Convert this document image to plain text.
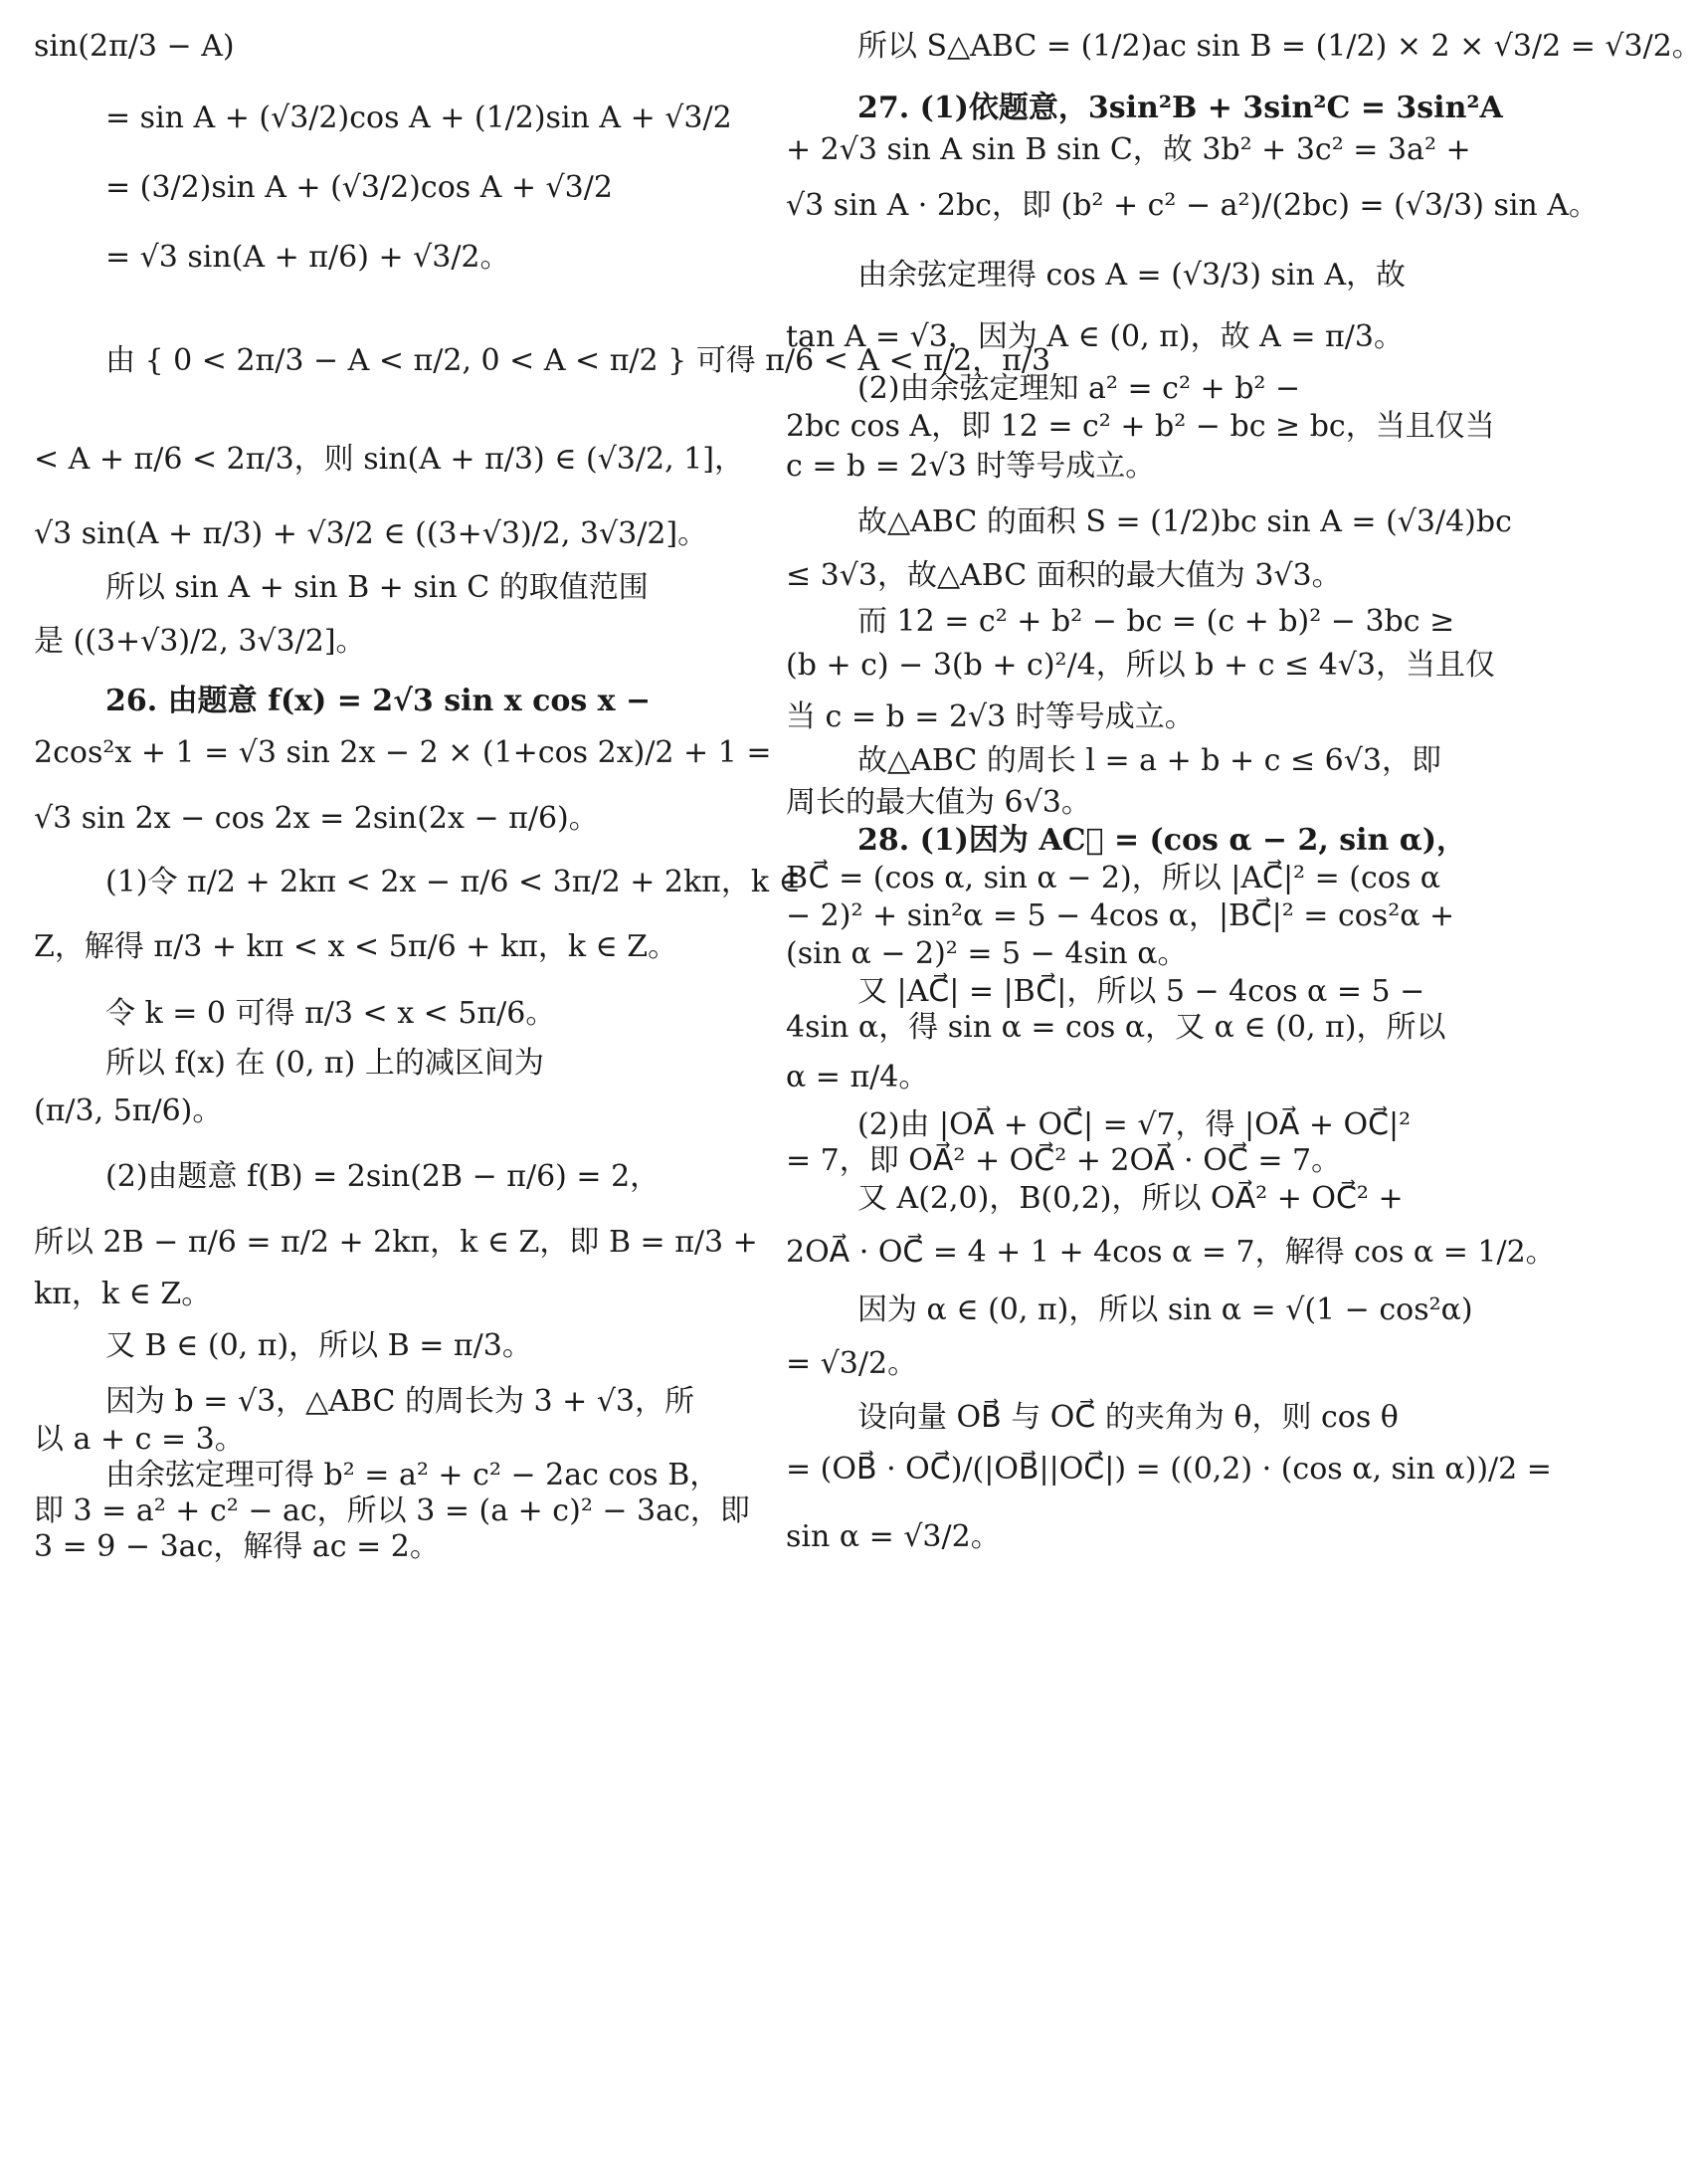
sin(2π/3 − A)
= sin A + (√3/2)cos A + (1/2)sin A + √3/2
= (3/2)sin A + (√3/2)cos A + √3/2
= √3 sin(A + π/6) + √3/2。
由 { 0 < 2π/3 − A < π/2, 0 < A < π/2 } 可得 π/6 < A < π/2，π/3
< A + π/6 < 2π/3，则 sin(A + π/3) ∈ (√3/2, 1]，
√3 sin(A + π/3) + √3/2 ∈ ((3+√3)/2, 3√3/2]。
所以 sin A + sin B + sin C 的取值范围
是 ((3+√3)/2, 3√3/2]。
26. 由题意 f(x) = 2√3 sin x cos x −
2cos²x + 1 = √3 sin 2x − 2 × (1+cos 2x)/2 + 1 =
√3 sin 2x − cos 2x = 2sin(2x − π/6)。
(1)令 π/2 + 2kπ < 2x − π/6 < 3π/2 + 2kπ，k ∈
Z，解得 π/3 + kπ < x < 5π/6 + kπ，k ∈ Z。
令 k = 0 可得 π/3 < x < 5π/6。
所以 f(x) 在 (0, π) 上的减区间为
(π/3, 5π/6)。
(2)由题意 f(B) = 2sin(2B − π/6) = 2，
所以 2B − π/6 = π/2 + 2kπ，k ∈ Z，即 B = π/3 +
kπ，k ∈ Z。
又 B ∈ (0, π)，所以 B = π/3。
因为 b = √3，△ABC 的周长为 3 + √3，所
以 a + c = 3。
由余弦定理可得 b² = a² + c² − 2ac cos B，
即 3 = a² + c² − ac，所以 3 = (a + c)² − 3ac，即
3 = 9 − 3ac，解得 ac = 2。
所以 S△ABC = (1/2)ac sin B = (1/2) × 2 × √3/2 = √3/2。
27. (1)依题意，3sin²B + 3sin²C = 3sin²A
+ 2√3 sin A sin B sin C，故 3b² + 3c² = 3a² +
√3 sin A · 2bc，即 (b² + c² − a²)/(2bc) = (√3/3) sin A。
由余弦定理得 cos A = (√3/3) sin A，故
tan A = √3，因为 A ∈ (0, π)，故 A = π/3。
(2)由余弦定理知 a² = c² + b² −
2bc cos A，即 12 = c² + b² − bc ≥ bc，当且仅当
c = b = 2√3 时等号成立。
故△ABC 的面积 S = (1/2)bc sin A = (√3/4)bc
≤ 3√3，故△ABC 面积的最大值为 3√3。
而 12 = c² + b² − bc = (c + b)² − 3bc ≥
(b + c) − 3(b + c)²/4，所以 b + c ≤ 4√3，当且仅
当 c = b = 2√3 时等号成立。
故△ABC 的周长 l = a + b + c ≤ 6√3，即
周长的最大值为 6√3。
28. (1)因为 AC⃗ = (cos α − 2, sin α)，
BC⃗ = (cos α, sin α − 2)，所以 |AC⃗|² = (cos α
− 2)² + sin²α = 5 − 4cos α，|BC⃗|² = cos²α +
(sin α − 2)² = 5 − 4sin α。
又 |AC⃗| = |BC⃗|，所以 5 − 4cos α = 5 −
4sin α，得 sin α = cos α，又 α ∈ (0, π)，所以
α = π/4。
(2)由 |OA⃗ + OC⃗| = √7，得 |OA⃗ + OC⃗|²
= 7，即 OA⃗² + OC⃗² + 2OA⃗ · OC⃗ = 7。
又 A(2,0)，B(0,2)，所以 OA⃗² + OC⃗² +
2OA⃗ · OC⃗ = 4 + 1 + 4cos α = 7，解得 cos α = 1/2。
因为 α ∈ (0, π)，所以 sin α = √(1 − cos²α)
= √3/2。
设向量 OB⃗ 与 OC⃗ 的夹角为 θ，则 cos θ
= (OB⃗ · OC⃗)/(|OB⃗||OC⃗|) = ((0,2) · (cos α, sin α))/2 =
sin α = √3/2。
